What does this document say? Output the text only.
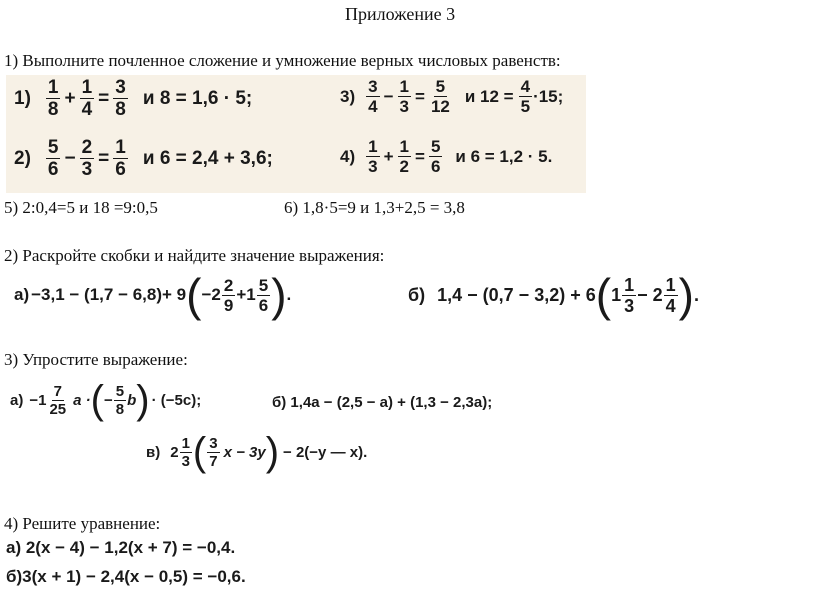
Приложение 3
1) Выполните почленное сложение и умножение верных числовых равенств:
$1) \frac{1}{8} + \frac{1}{4} = \frac{3}{8}$ и 8 = 1,6 · 5;	$3) \frac{3}{4} - \frac{1}{3} = \frac{5}{12}$ и $12 = \frac{4}{5} \cdot 15$;
$2) \frac{5}{6} - \frac{2}{3} = \frac{1}{6}$ и 6 = 2,4 + 3,6;	$4) \frac{1}{3} + \frac{1}{2} = \frac{5}{6}$ и 6 = 1,2 · 5.
5) 2:0,4=5 и 18 =9:0,5	6) 1,8·5=9 и 1,3+2,5 = 3,8
2) Раскройте скобки и найдите значение выражения:
а) −3,1 − (1,7 − 6,8)+ 9 ( $-2 \frac{2}{9} +1 \frac{5}{6}$ ) .	б) 1,4 − (0,7 − 3,2) + 6 ( $1 \frac{1}{3} - 2 \frac{1}{4}$ ) .
3) Упростите выражение:
$а) -1 \frac{7}{25}$ a · ( − $\frac{5}{8}$ b ) · (−5c);	б) 1,4a − (2,5 − a) + (1,3 − 2,3a);
в) $2 \frac{1}{3}$ ( $\frac{3}{7}$ x − 3y ) − 2(−y — x).
4) Решите уравнение:
а) 2(x − 4) − 1,2(x + 7) = −0,4.
б)3(x + 1) − 2,4(x − 0,5) = −0,6.
